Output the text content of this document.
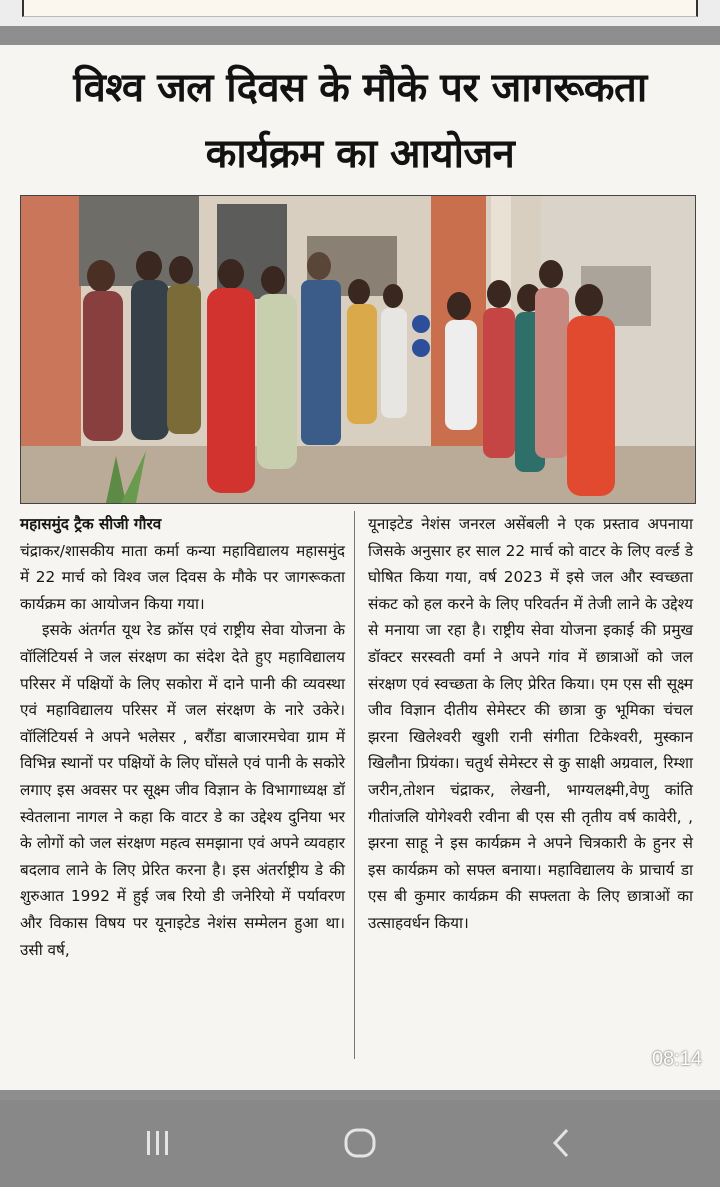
विश्व जल दिवस के मौके पर जागरूकता
कार्यक्रम का आयोजन

महासमुंद ट्रैक सीजी गौरव

चंद्राकर/शासकीय माता कर्मा कन्या महाविद्यालय महासमुंद में 22 मार्च को विश्व जल दिवस के मौके पर जागरूकता कार्यक्रम का आयोजन किया गया।

इसके अंतर्गत यूथ रेड क्रॉस एवं राष्ट्रीय सेवा योजना के वॉलिंटियर्स ने जल संरक्षण का संदेश देते हुए महाविद्यालय परिसर में पक्षियों के लिए सकोरा में दाने पानी की व्यवस्था एवं महाविद्यालय परिसर में जल संरक्षण के नारे उकेरे। वॉलिंटियर्स ने अपने भलेसर , बरौंडा बाजारमचेवा ग्राम में विभिन्न स्थानों पर पक्षियों के लिए घोंसले एवं पानी के सकोरे लगाए इस अवसर पर सूक्ष्म जीव विज्ञान के विभागाध्यक्ष डॉ स्वेतलाना नागल ने कहा कि वाटर डे का उद्देश्य दुनिया भर के लोगों को जल संरक्षण महत्व समझाना एवं अपने व्यवहार बदलाव लाने के लिए प्रेरित करना है। इस अंतर्राष्ट्रीय डे की शुरुआत 1992 में हुई जब रियो डी जनेरियो में पर्यावरण और विकास विषय पर यूनाइटेड नेशंस सम्मेलन हुआ था। उसी वर्ष,

यूनाइटेड नेशंस जनरल असेंबली ने एक प्रस्ताव अपनाया जिसके अनुसार हर साल 22 मार्च को वाटर के लिए वर्ल्ड डे घोषित किया गया, वर्ष 2023 में इसे जल और स्वच्छता संकट को हल करने के लिए परिवर्तन में तेजी लाने के उद्देश्य से मनाया जा रहा है। राष्ट्रीय सेवा योजना इकाई की प्रमुख डॉक्टर सरस्वती वर्मा ने अपने गांव में छात्राओं को जल संरक्षण एवं स्वच्छता के लिए प्रेरित किया। एम एस सी सूक्ष्म जीव विज्ञान दीतीय सेमेस्टर की छात्रा कु भूमिका चंचल झरना खिलेश्वरी खुशी रानी संगीता टिकेश्वरी, मुस्कान खिलौना प्रियंका। चतुर्थ सेमेस्टर से कु साक्षी अग्रवाल, रिम्शा जरीन,तोशन चंद्राकर, लेखनी, भाग्यलक्ष्मी,वेणु कांति गीतांजलि योगेश्वरी रवीना बी एस सी तृतीय वर्ष कावेरी, , झरना साहू ने इस कार्यक्रम ने अपने चित्रकारी के हुनर से इस कार्यक्रम को सफ्ल बनाया। महाविद्यालय के प्राचार्य डा एस बी कुमार कार्यक्रम की सफ्लता के लिए छात्राओं का उत्साहवर्धन किया।

08:14
